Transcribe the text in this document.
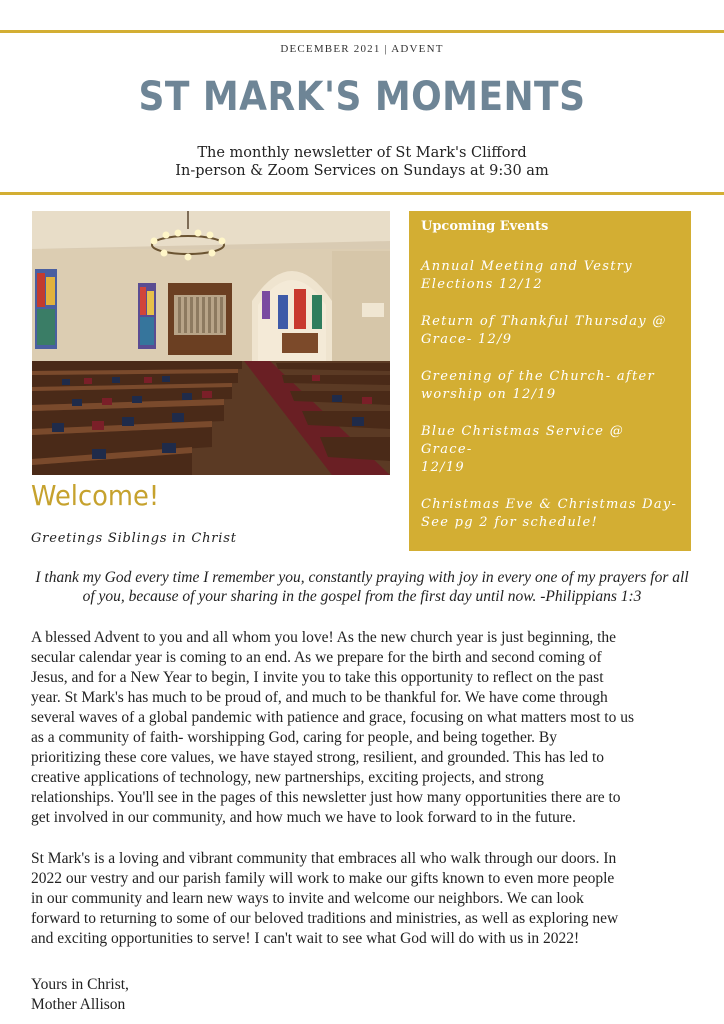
DECEMBER 2021 | ADVENT
ST MARK'S MOMENTS
The monthly newsletter of St Mark's Clifford
In-person & Zoom Services on Sundays at 9:30 am
Upcoming Events
Annual Meeting and Vestry
Elections 12/12
Return of Thankful Thursday @
Grace- 12/9
Greening of the Church- after
worship on 12/19
Blue Christmas Service @ Grace-
12/19
Christmas Eve & Christmas Day-
See pg 2 for schedule!
Welcome!
Greetings Siblings in Christ
I thank my God every time I remember you, constantly praying with joy in every one of my prayers for all
of you, because of your sharing in the gospel from the first day until now. -Philippians 1:3
A blessed Advent to you and all whom you love! As the new church year is just beginning, the
secular calendar year is coming to an end. As we prepare for the birth and second coming of
Jesus, and for a New Year to begin, I invite you to take this opportunity to reflect on the past
year. St Mark's has much to be proud of, and much to be thankful for. We have come through
several waves of a global pandemic with patience and grace, focusing on what matters most to us
as a community of faith- worshipping God, caring for people, and being together. By
prioritizing these core values, we have stayed strong, resilient, and grounded. This has led to
creative applications of technology, new partnerships, exciting projects, and strong
relationships. You'll see in the pages of this newsletter just how many opportunities there are to
get involved in our community, and how much we have to look forward to in the future.
St Mark's is a loving and vibrant community that embraces all who walk through our doors. In
2022 our vestry and our parish family will work to make our gifts known to even more people
in our community and learn new ways to invite and welcome our neighbors. We can look
forward to returning to some of our beloved traditions and ministries, as well as exploring new
and exciting opportunities to serve! I can't wait to see what God will do with us in 2022!
Yours in Christ,
Mother Allison
